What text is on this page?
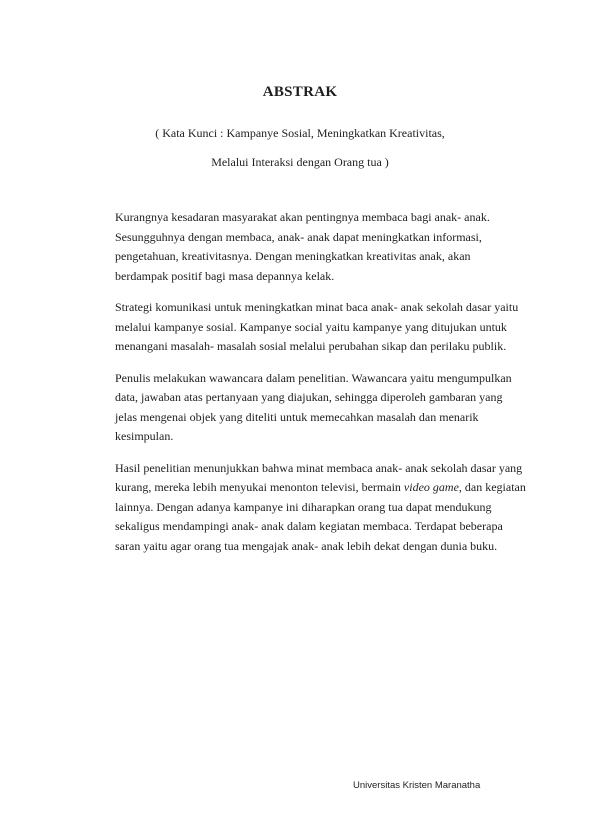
ABSTRAK
( Kata Kunci : Kampanye Sosial, Meningkatkan Kreativitas,
Melalui Interaksi dengan Orang tua )

Kurangnya kesadaran masyarakat akan pentingnya membaca bagi anak- anak.
Sesungguhnya dengan membaca, anak- anak dapat meningkatkan informasi,
pengetahuan, kreativitasnya. Dengan meningkatkan kreativitas anak, akan
berdampak positif bagi masa depannya kelak.

Strategi komunikasi untuk meningkatkan minat baca anak- anak sekolah dasar yaitu
melalui kampanye sosial. Kampanye social yaitu kampanye yang ditujukan untuk
menangani masalah- masalah sosial melalui perubahan sikap dan perilaku publik.

Penulis melakukan wawancara dalam penelitian. Wawancara yaitu mengumpulkan
data, jawaban atas pertanyaan yang diajukan, sehingga diperoleh gambaran yang
jelas mengenai objek yang diteliti untuk memecahkan masalah dan menarik
kesimpulan.

Hasil penelitian menunjukkan bahwa minat membaca anak- anak sekolah dasar yang
kurang, mereka lebih menyukai menonton televisi, bermain video game, dan kegiatan
lainnya. Dengan adanya kampanye ini diharapkan orang tua dapat mendukung
sekaligus mendampingi anak- anak dalam kegiatan membaca. Terdapat beberapa
saran yaitu agar orang tua mengajak anak- anak lebih dekat dengan dunia buku.

Universitas Kristen Maranatha
